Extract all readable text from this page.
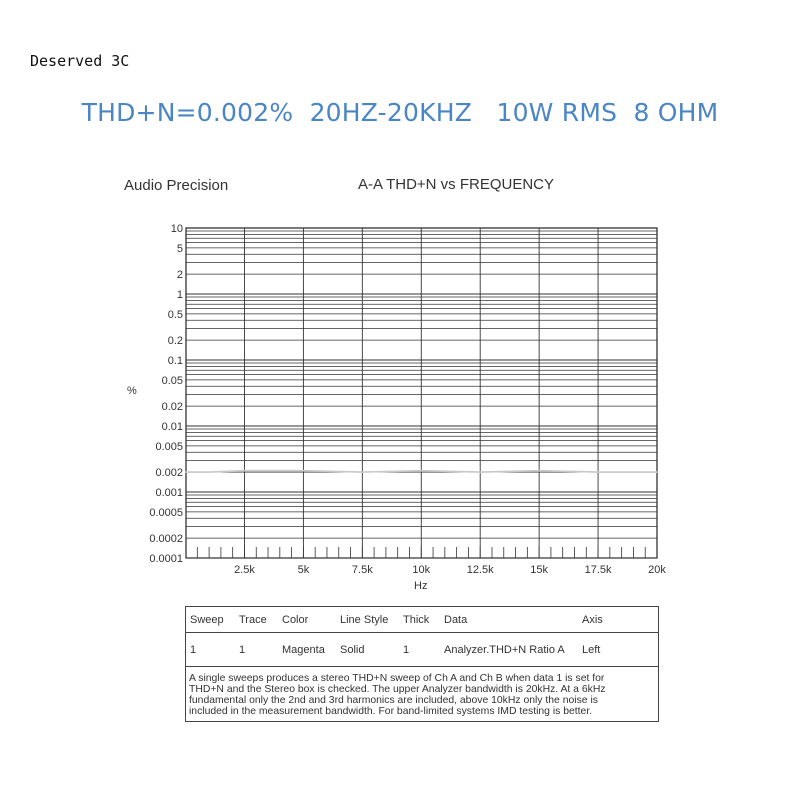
Deserved 3C
THD+N=0.002%  20HZ-20KHZ   10W RMS  8 OHM
Audio Precision	A-A THD+N vs FREQUENCY
10
5
2
1
0.5
0.2
0.1
0.05
0.02
0.01
0.005
0.002
0.001
0.0005
0.0002
0.0001
2.5k	5k	7.5k	10k	12.5k	15k	17.5k	20k
%
Hz
Sweep	Trace	Color	Line Style	Thick	Data	Axis
1	1	Magenta	Solid	1	Analyzer.THD+N Ratio A	Left
A single sweeps produces a stereo THD+N sweep of Ch A and Ch B when data 1 is set for
THD+N and the Stereo box is checked. The upper Analyzer bandwidth is 20kHz. At a 6kHz
fundamental only the 2nd and 3rd harmonics are included, above 10kHz only the noise is
included in the measurement bandwidth. For band-limited systems IMD testing is better.
